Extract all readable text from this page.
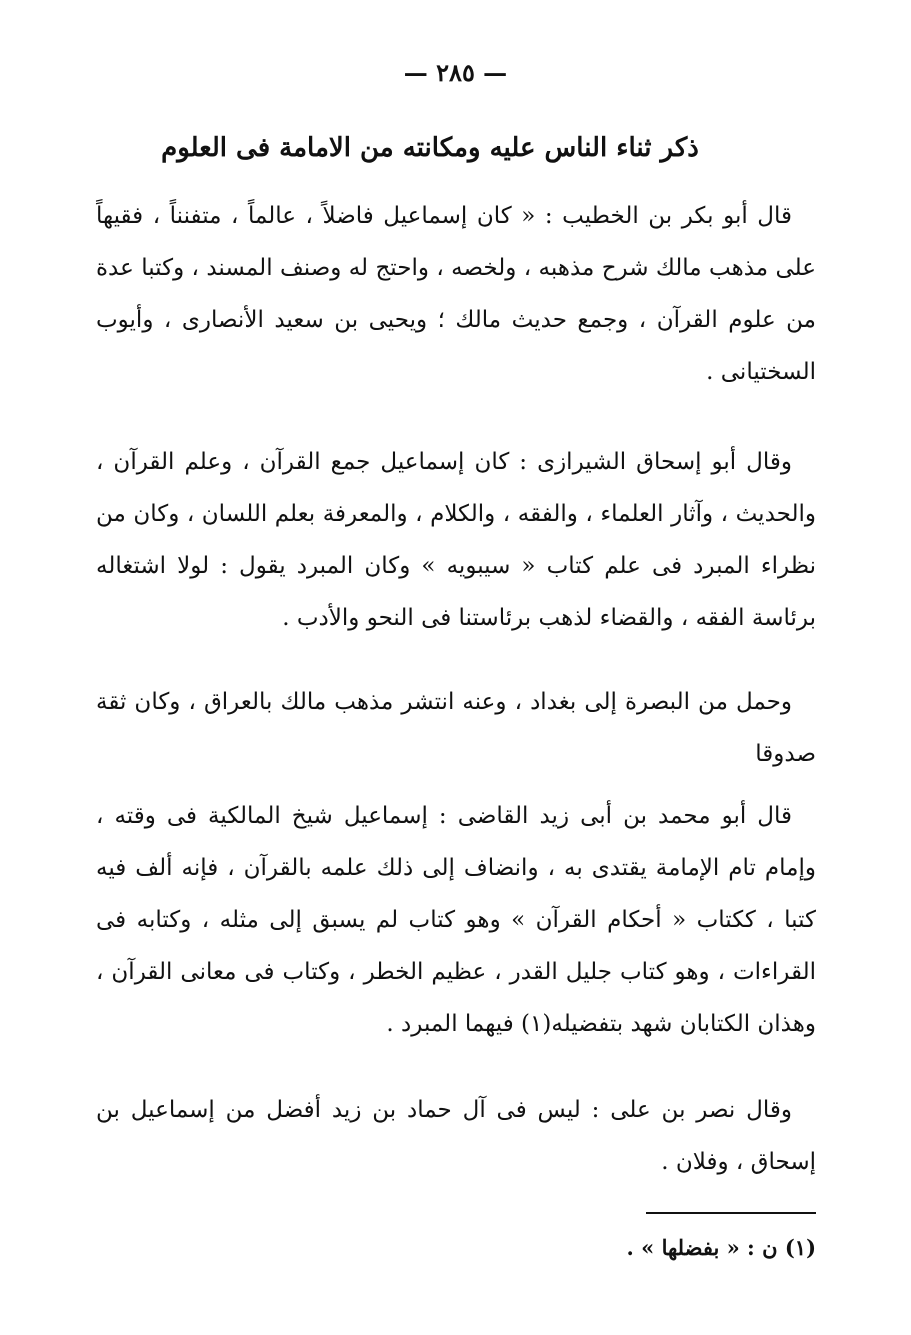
— ٢٨٥ —
ذكر ثناء الناس عليه ومكانته من الامامة فى العلوم

قال أبو بكر بن الخطيب : « كان إسماعيل فاضلاً ، عالماً ، متفنناً ، فقيهاً على مذهب مالك شرح مذهبه ، ولخصه ، واحتج له وصنف المسند ، وكتبا عدة من علوم القرآن ، وجمع حديث مالك ؛ ويحيى بن سعيد الأنصارى ، وأيوب السختيانى .

وقال أبو إسحاق الشيرازى : كان إسماعيل جمع القرآن ، وعلم القرآن ، والحديث ، وآثار العلماء ، والفقه ، والكلام ، والمعرفة بعلم اللسان ، وكان من نظراء المبرد فى علم كتاب « سيبويه » وكان المبرد يقول : لولا اشتغاله برئاسة الفقه ، والقضاء لذهب برئاستنا فى النحو والأدب .

وحمل من البصرة إلى بغداد ، وعنه انتشر مذهب مالك بالعراق ، وكان ثقة صدوقا

قال أبو محمد بن أبى زيد القاضى : إسماعيل شيخ المالكية فى وقته ، وإمام تام الإمامة يقتدى به ، وانضاف إلى ذلك علمه بالقرآن ، فإنه ألف فيه كتبا ، ككتاب « أحكام القرآن » وهو كتاب لم يسبق إلى مثله ، وكتابه فى القراءات ، وهو كتاب جليل القدر ، عظيم الخطر ، وكتاب فى معانى القرآن ، وهذان الكتابان شهد بتفضيله(١) فيهما المبرد .

وقال نصر بن على : ليس فى آل حماد بن زيد أفضل من إسماعيل بن إسحاق ، وفلان .

(١) ن : « بفضلها » .
